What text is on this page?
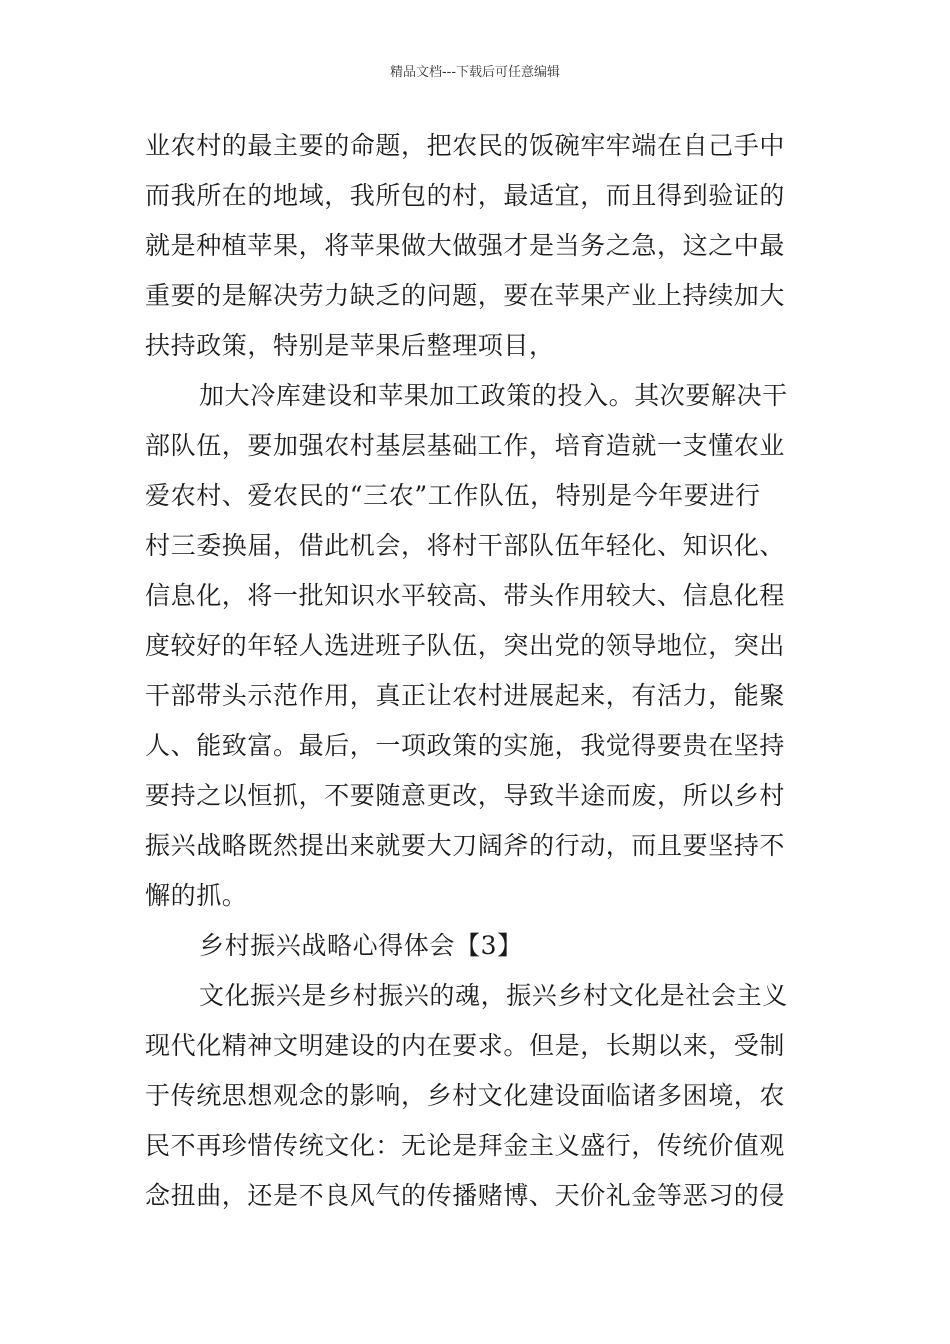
精品文档---下载后可任意编辑
业农村的最主要的命题，把农民的饭碗牢牢端在自己手中
而我所在的地域，我所包的村，最适宜，而且得到验证的
就是种植苹果，将苹果做大做强才是当务之急，这之中最
重要的是解决劳力缺乏的问题，要在苹果产业上持续加大
扶持政策，特别是苹果后整理项目，
加大冷库建设和苹果加工政策的投入。其次要解决干
部队伍，要加强农村基层基础工作，培育造就一支懂农业
爱农村、爱农民的“三农”工作队伍，特别是今年要进行
村三委换届，借此机会，将村干部队伍年轻化、知识化、
信息化，将一批知识水平较高、带头作用较大、信息化程
度较好的年轻人选进班子队伍，突出党的领导地位，突出
干部带头示范作用，真正让农村进展起来，有活力，能聚
人、能致富。最后，一项政策的实施，我觉得要贵在坚持
要持之以恒抓，不要随意更改，导致半途而废，所以乡村
振兴战略既然提出来就要大刀阔斧的行动，而且要坚持不
懈的抓。
乡村振兴战略心得体会【3】
文化振兴是乡村振兴的魂，振兴乡村文化是社会主义
现代化精神文明建设的内在要求。但是，长期以来，受制
于传统思想观念的影响，乡村文化建设面临诸多困境，农
民不再珍惜传统文化：无论是拜金主义盛行，传统价值观
念扭曲，还是不良风气的传播赌博、天价礼金等恶习的侵
